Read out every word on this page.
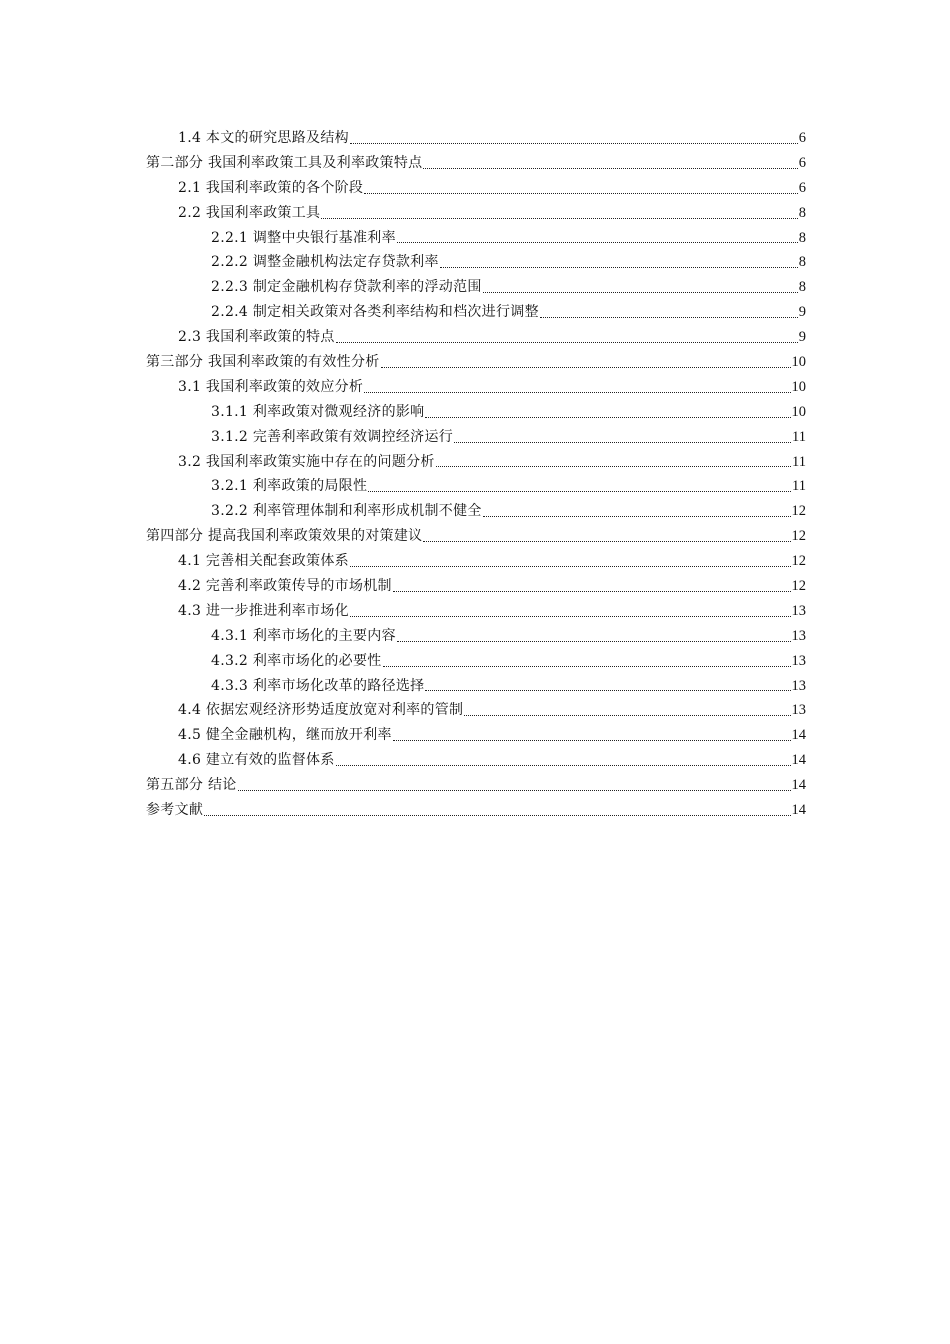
1.4 本文的研究思路及结构	6
第二部分 我国利率政策工具及利率政策特点	6
2.1 我国利率政策的各个阶段	6
2.2 我国利率政策工具	8
2.2.1 调整中央银行基准利率	8
2.2.2 调整金融机构法定存贷款利率	8
2.2.3 制定金融机构存贷款利率的浮动范围	8
2.2.4 制定相关政策对各类利率结构和档次进行调整	9
2.3 我国利率政策的特点	9
第三部分 我国利率政策的有效性分析	10
3.1 我国利率政策的效应分析	10
3.1.1 利率政策对微观经济的影响	10
3.1.2 完善利率政策有效调控经济运行	11
3.2 我国利率政策实施中存在的问题分析	11
3.2.1 利率政策的局限性	11
3.2.2 利率管理体制和利率形成机制不健全	12
第四部分 提高我国利率政策效果的对策建议	12
4.1 完善相关配套政策体系	12
4.2 完善利率政策传导的市场机制	12
4.3 进一步推进利率市场化	13
4.3.1 利率市场化的主要内容	13
4.3.2 利率市场化的必要性	13
4.3.3 利率市场化改革的路径选择	13
4.4 依据宏观经济形势适度放宽对利率的管制	13
4.5 健全金融机构，继而放开利率	14
4.6 建立有效的监督体系	14
第五部分 结论	14
参考文献	14
